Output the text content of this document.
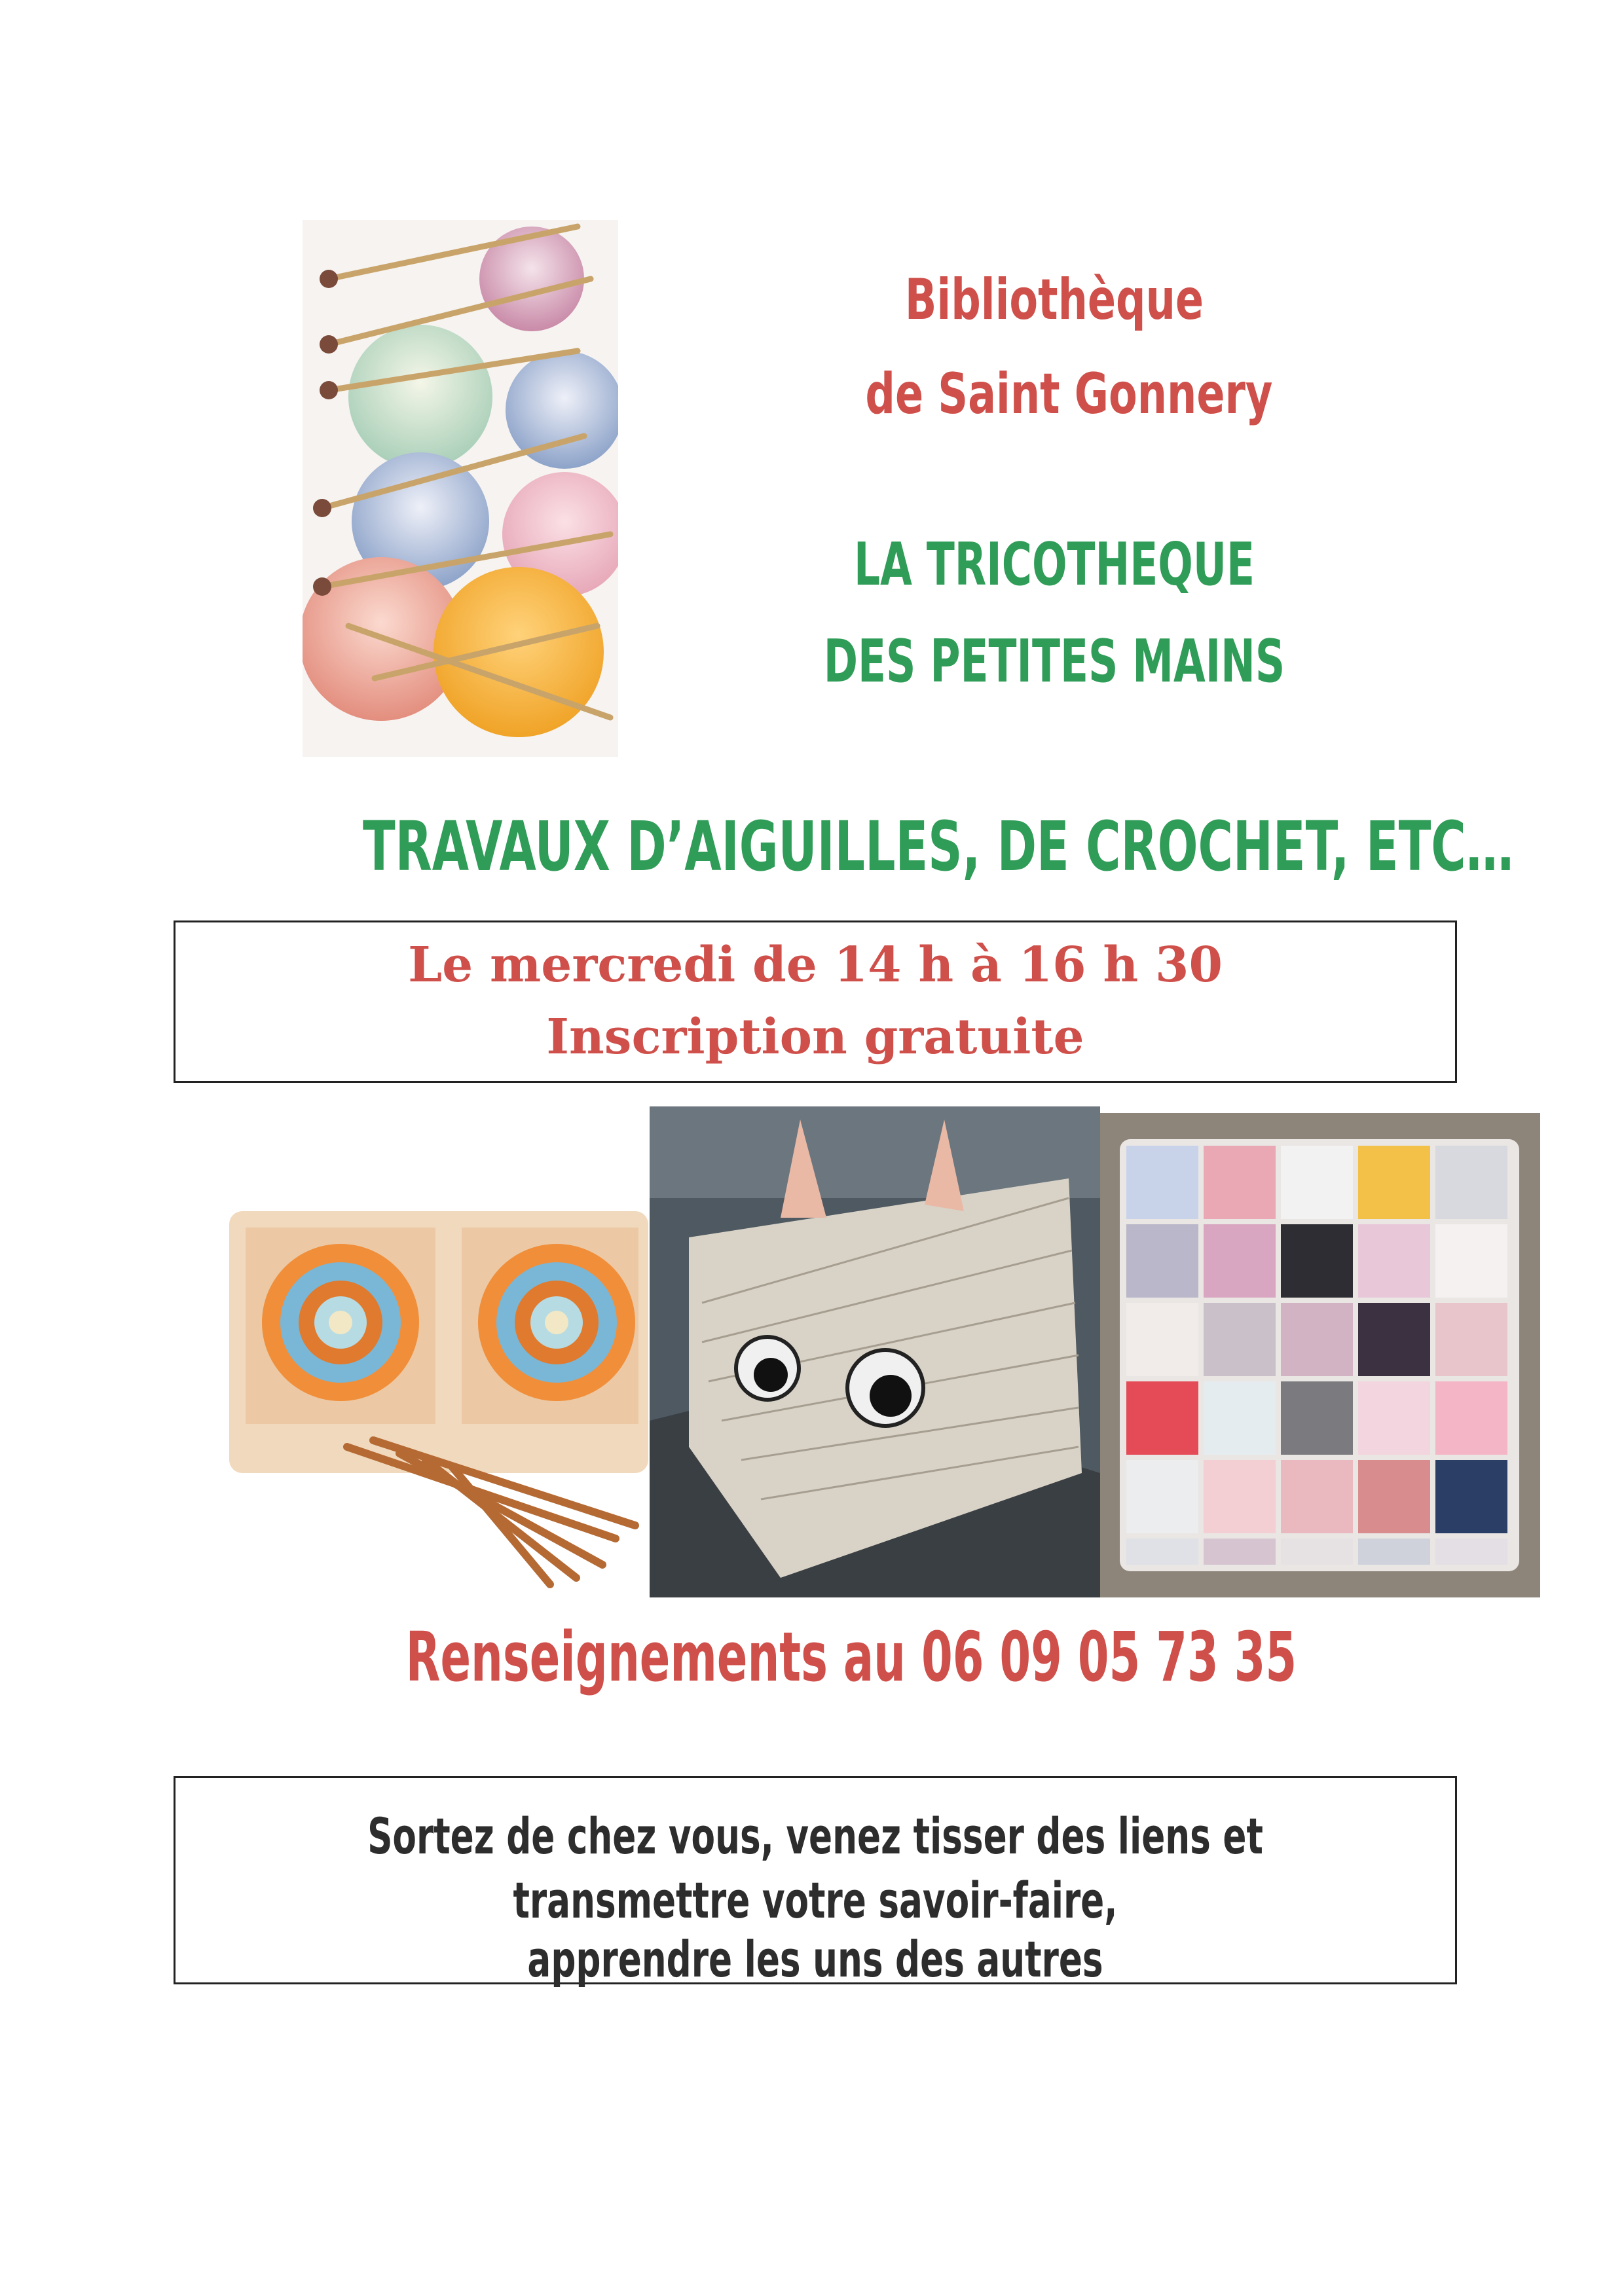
Bibliothèque
de Saint Gonnery
LA TRICOTHEQUE
DES PETITES MAINS
TRAVAUX D’AIGUILLES, DE CROCHET, ETC…
Le mercredi de 14 h à 16 h 30
Inscription gratuite
Renseignements au 06 09 05 73 35
Sortez de chez vous, venez tisser des liens et
transmettre votre savoir-faire,
apprendre les uns des autres
